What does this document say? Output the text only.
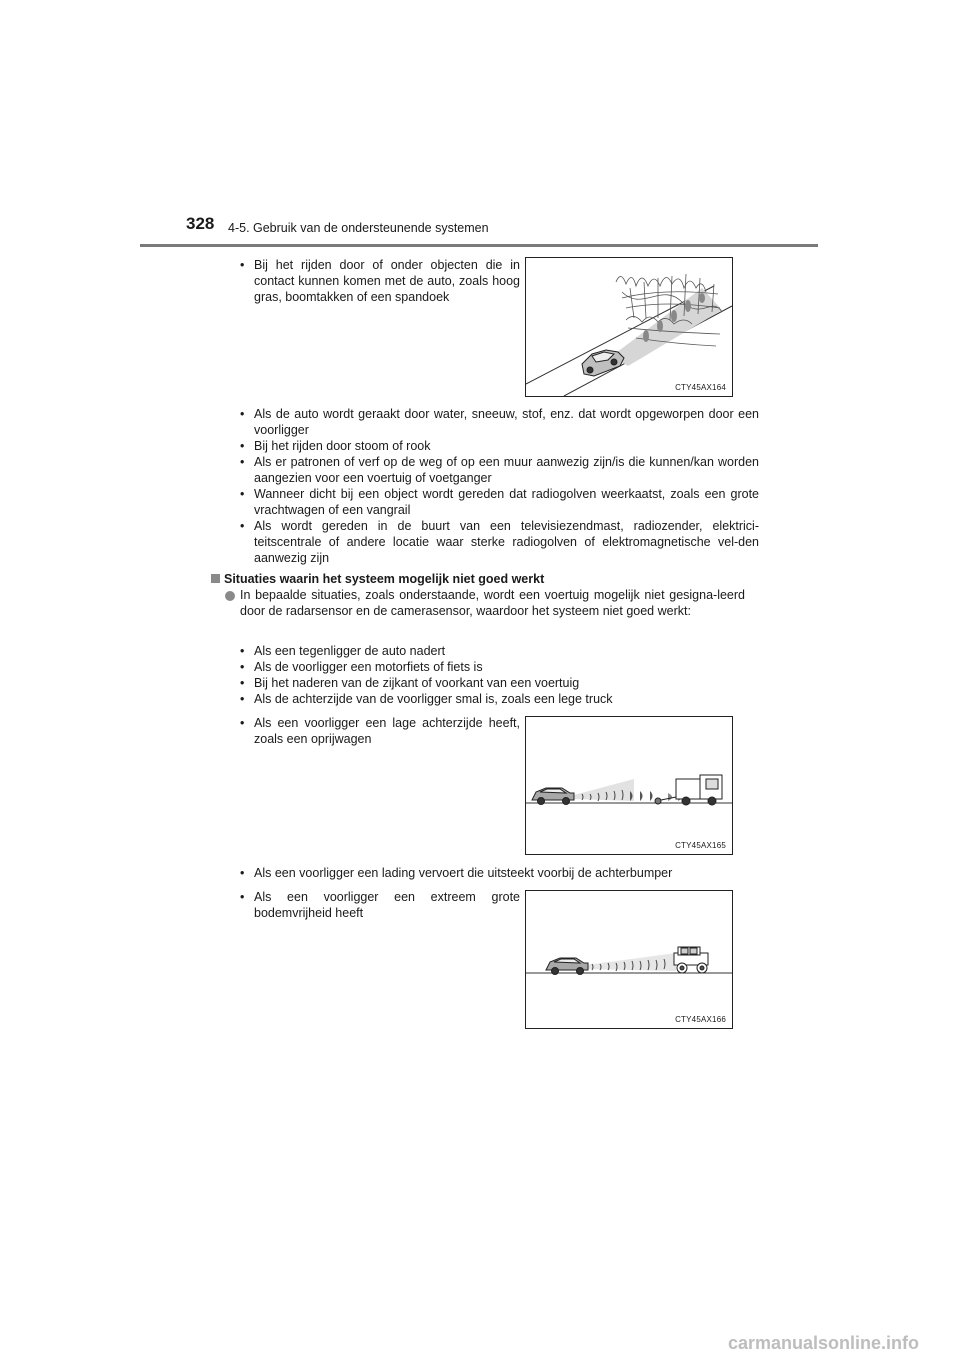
328 4-5. Gebruik van de ondersteunende systemen
• Bij het rijden door of onder objecten die in contact kunnen komen met de auto, zoals hoog gras, boomtakken of een spandoek
CTY45AX164
• Als de auto wordt geraakt door water, sneeuw, stof, enz. dat wordt opgeworpen door een voorligger
• Bij het rijden door stoom of rook
• Als er patronen of verf op de weg of op een muur aanwezig zijn/is die kunnen/kan worden aangezien voor een voertuig of voetganger
• Wanneer dicht bij een object wordt gereden dat radiogolven weerkaatst, zoals een grote vrachtwagen of een vangrail
• Als wordt gereden in de buurt van een televisiezendmast, radiozender, elektrici-teitscentrale of andere locatie waar sterke radiogolven of elektromagnetische vel-den aanwezig zijn
Situaties waarin het systeem mogelijk niet goed werkt
In bepaalde situaties, zoals onderstaande, wordt een voertuig mogelijk niet gesigna-leerd door de radarsensor en de camerasensor, waardoor het systeem niet goed werkt:
• Als een tegenligger de auto nadert
• Als de voorligger een motorfiets of fiets is
• Bij het naderen van de zijkant of voorkant van een voertuig
• Als de achterzijde van de voorligger smal is, zoals een lege truck
• Als een voorligger een lage achterzijde heeft, zoals een oprijwagen
CTY45AX165
• Als een voorligger een lading vervoert die uitsteekt voorbij de achterbumper
• Als een voorligger een extreem grote bodemvrijheid heeft
CTY45AX166
carmanualsonline.info
